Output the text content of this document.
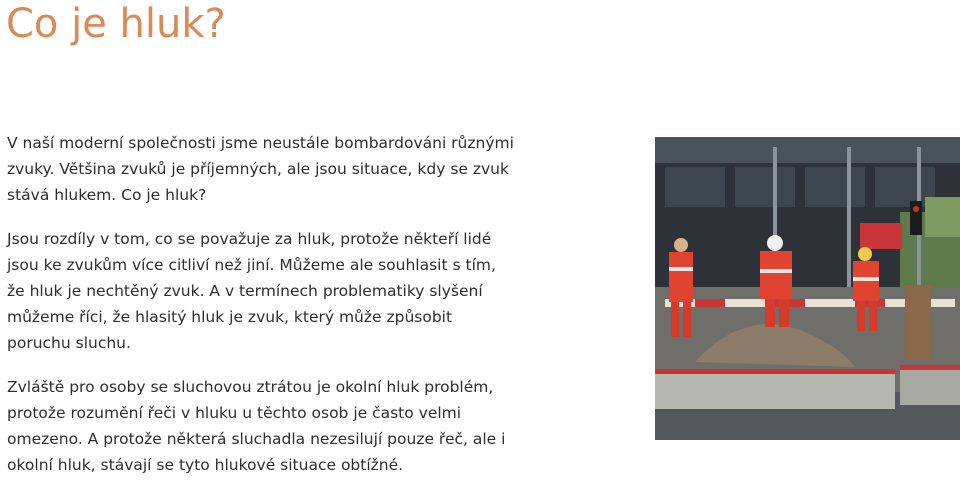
Co je hluk?

V naší moderní společnosti jsme neustále bombardováni různými
zvuky. Většina zvuků je příjemných, ale jsou situace, kdy se zvuk
stává hlukem. Co je hluk?

Jsou rozdíly v tom, co se považuje za hluk, protože někteří lidé
jsou ke zvukům více citliví než jiní. Můžeme ale souhlasit s tím,
že hluk je nechtěný zvuk. A v termínech problematiky slyšení
můžeme říci, že hlasitý hluk je zvuk, který může způsobit
poruchu sluchu.

Zvláště pro osoby se sluchovou ztrátou je okolní hluk problém,
protože rozumění řeči v hluku u těchto osob je často velmi
omezeno. A protože některá sluchadla nezesilují pouze řeč, ale i
okolní hluk, stávají se tyto hlukové situace obtížné.
